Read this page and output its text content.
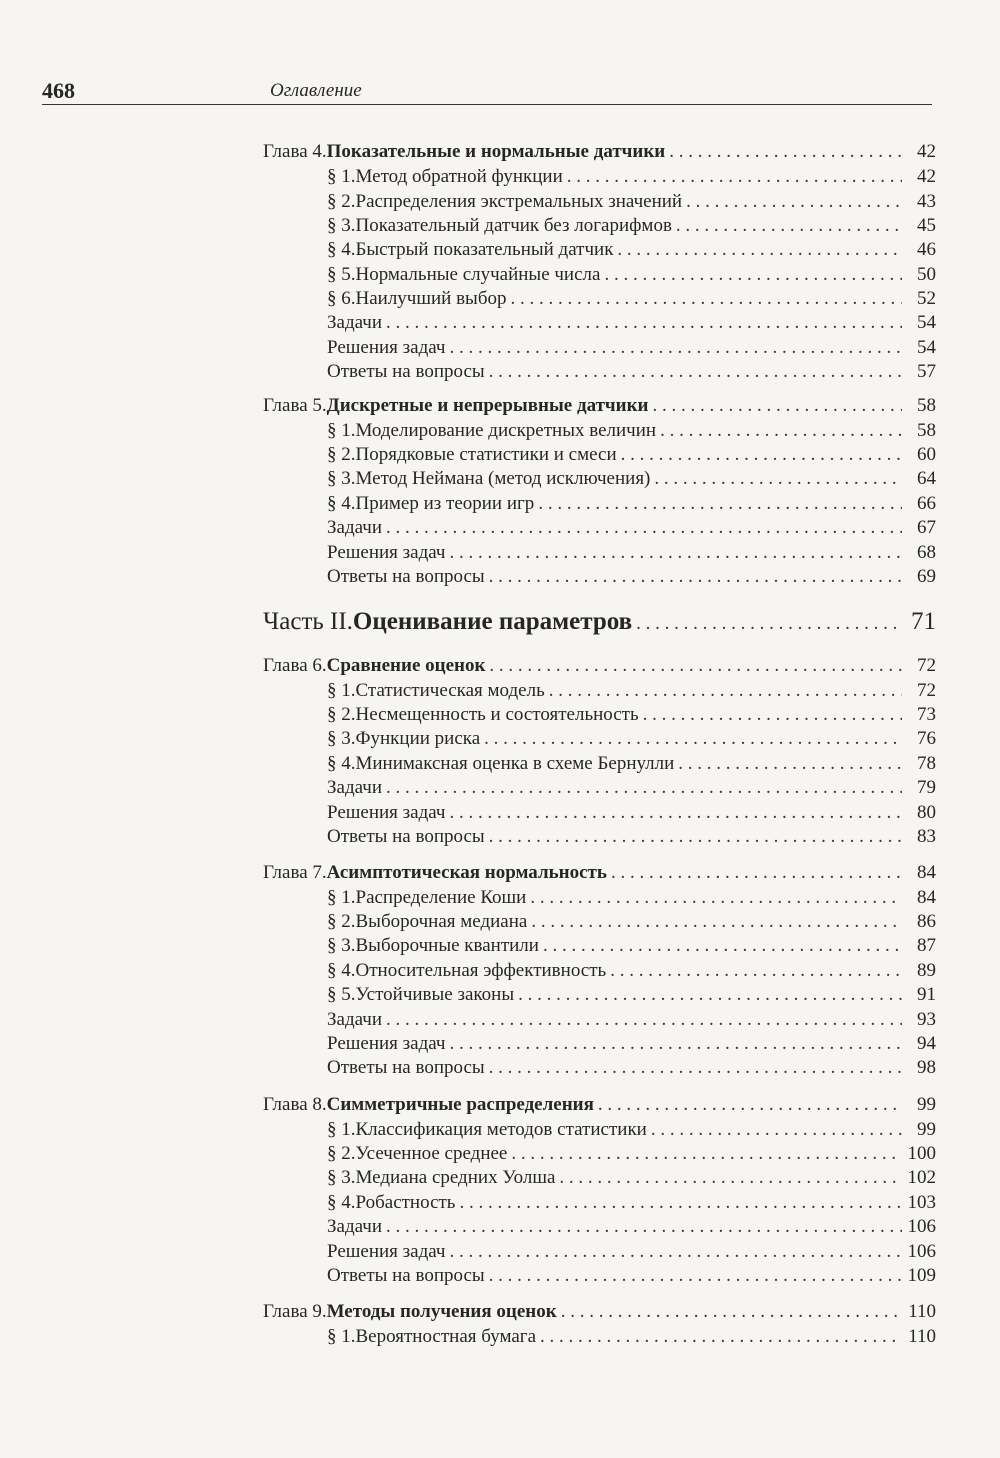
468	Оглавление
Глава 4. Показательные и нормальные датчики . . .	42
§ 1. Метод обратной функции . . .	42
§ 2. Распределения экстремальных значений . . .	43
§ 3. Показательный датчик без логарифмов . . .	45
§ 4. Быстрый показательный датчик . . .	46
§ 5. Нормальные случайные числа . . .	50
§ 6. Наилучший выбор . . .	52
Задачи . . .	54
Решения задач . . .	54
Ответы на вопросы . . .	57
Глава 5. Дискретные и непрерывные датчики . . .	58
§ 1. Моделирование дискретных величин . . .	58
§ 2. Порядковые статистики и смеси . . .	60
§ 3. Метод Неймана (метод исключения) . . .	64
§ 4. Пример из теории игр . . .	66
Задачи . . .	67
Решения задач . . .	68
Ответы на вопросы . . .	69
Часть II. Оценивание параметров . . .	71
Глава 6. Сравнение оценок . . .	72
§ 1. Статистическая модель . . .	72
§ 2. Несмещенность и состоятельность . . .	73
§ 3. Функции риска . . .	76
§ 4. Минимаксная оценка в схеме Бернулли . . .	78
Задачи . . .	79
Решения задач . . .	80
Ответы на вопросы . . .	83
Глава 7. Асимптотическая нормальность . . .	84
§ 1. Распределение Коши . . .	84
§ 2. Выборочная медиана . . .	86
§ 3. Выборочные квантили . . .	87
§ 4. Относительная эффективность . . .	89
§ 5. Устойчивые законы . . .	91
Задачи . . .	93
Решения задач . . .	94
Ответы на вопросы . . .	98
Глава 8. Симметричные распределения . . .	99
§ 1. Классификация методов статистики . . .	99
§ 2. Усеченное среднее . . .	100
§ 3. Медиана средних Уолша . . .	102
§ 4. Робастность . . .	103
Задачи . . .	106
Решения задач . . .	106
Ответы на вопросы . . .	109
Глава 9. Методы получения оценок . . .	110
§ 1. Вероятностная бумага . . .	110
